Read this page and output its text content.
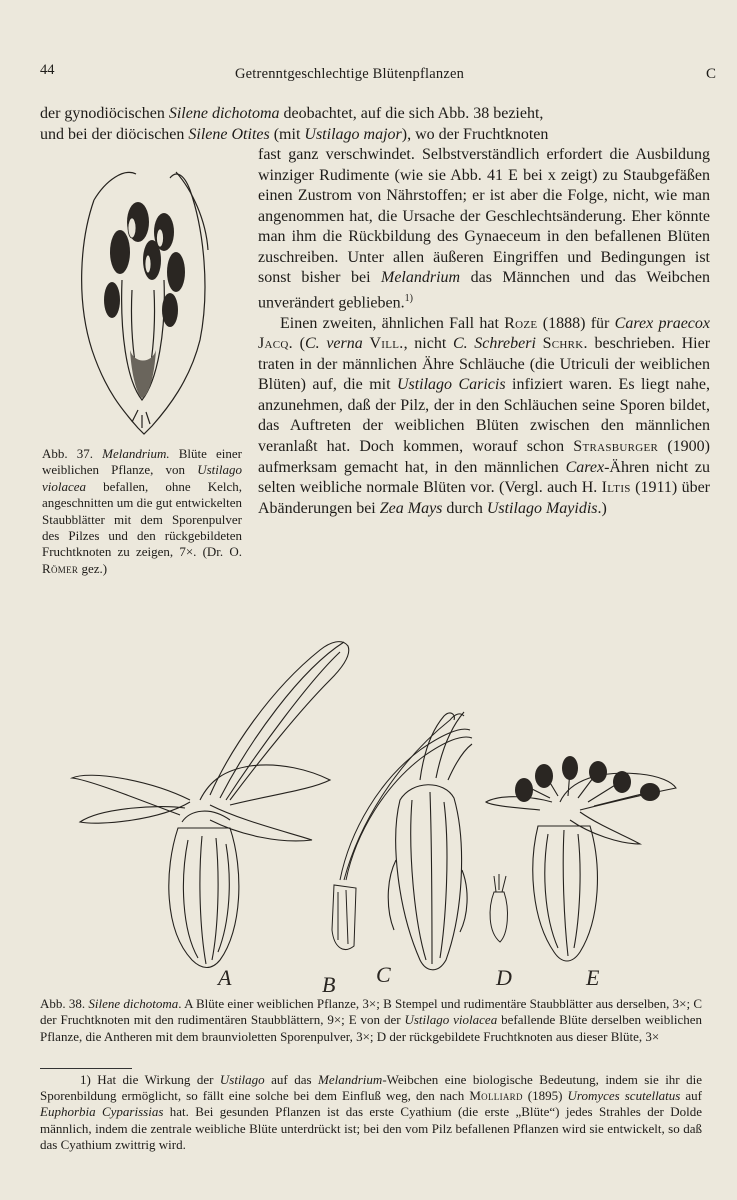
44	Getrenntgeschlechtige Blütenpflanzen	C

der gynodiöcischen Silene dichotoma deobachtet, auf die sich Abb. 38 bezieht,

und bei der diöcischen Silene Otites (mit Ustilago major), wo der Fruchtknoten

fast ganz verschwindet. Selbstverständlich erfordert die Ausbildung winziger Rudimente (wie sie Abb. 41 E bei x zeigt) zu Staubgefäßen einen Zustrom von Nährstoffen; er ist aber die Folge, nicht, wie man angenommen hat, die Ursache der Geschlechtsänderung. Eher könnte man ihm die Rückbildung des Gynaeceum in den befallenen Blüten zuschreiben. Unter allen äußeren Eingriffen und Bedingungen ist sonst bisher bei Melandrium das Männchen und das Weibchen unverändert geblieben.$^{1)}$

Einen zweiten, ähnlichen Fall hat Roze (1888) für Carex praecox Jacq. (C. verna Vill., nicht C. Schreberi Schrk. beschrieben. Hier traten in der männlichen Ähre Schläuche (die Utriculi der weiblichen Blüten) auf, die mit Ustilago Caricis infiziert waren. Es liegt nahe, anzunehmen, daß der Pilz, der in den Schläuchen seine Sporen bildet, das Auftreten der weiblichen Blüten zwischen den männlichen veranlaßt hat. Doch kommen, worauf schon Strasburger (1900) aufmerksam gemacht hat, in den männlichen Carex-Ähren nicht zu selten weibliche normale Blüten vor. (Vergl. auch H. Iltis (1911) über Abänderungen bei Zea Mays durch Ustilago Mayidis.)

Abb. 37. Melandrium. Blüte einer weiblichen Pflanze, von Ustilago violacea befallen, ohne Kelch, angeschnitten um die gut entwickelten Staubblätter mit dem Sporenpulver des Pilzes und den rückgebildeten Fruchtknoten zu zeigen, 7×. (Dr. O. Römer gez.)
A	B C	D	E
Abb. 38. Silene dichotoma. A Blüte einer weiblichen Pflanze, 3×; B Stempel und rudimentäre Staubblätter aus derselben, 3×; C der Fruchtknoten mit den rudimentären Staubblättern, 9×; E von der Ustilago violacea befallende Blüte derselben weiblichen Pflanze, die Antheren mit dem braunvioletten Sporenpulver, 3×; D der rückgebildete Fruchtknoten aus dieser Blüte, 3×

1) Hat die Wirkung der Ustilago auf das Melandrium-Weibchen eine biologische Bedeutung, indem sie ihr die Sporenbildung ermöglicht, so fällt eine solche bei dem Einfluß weg, den nach Molliard (1895) Uromyces scutellatus auf Euphorbia Cyparissias hat. Bei gesunden Pflanzen ist das erste Cyathium (die erste „Blüte“) jedes Strahles der Dolde männlich, indem die zentrale weibliche Blüte unterdrückt ist; bei den vom Pilz befallenen Pflanzen wird sie entwickelt, so daß das Cyathium zwittrig wird.
